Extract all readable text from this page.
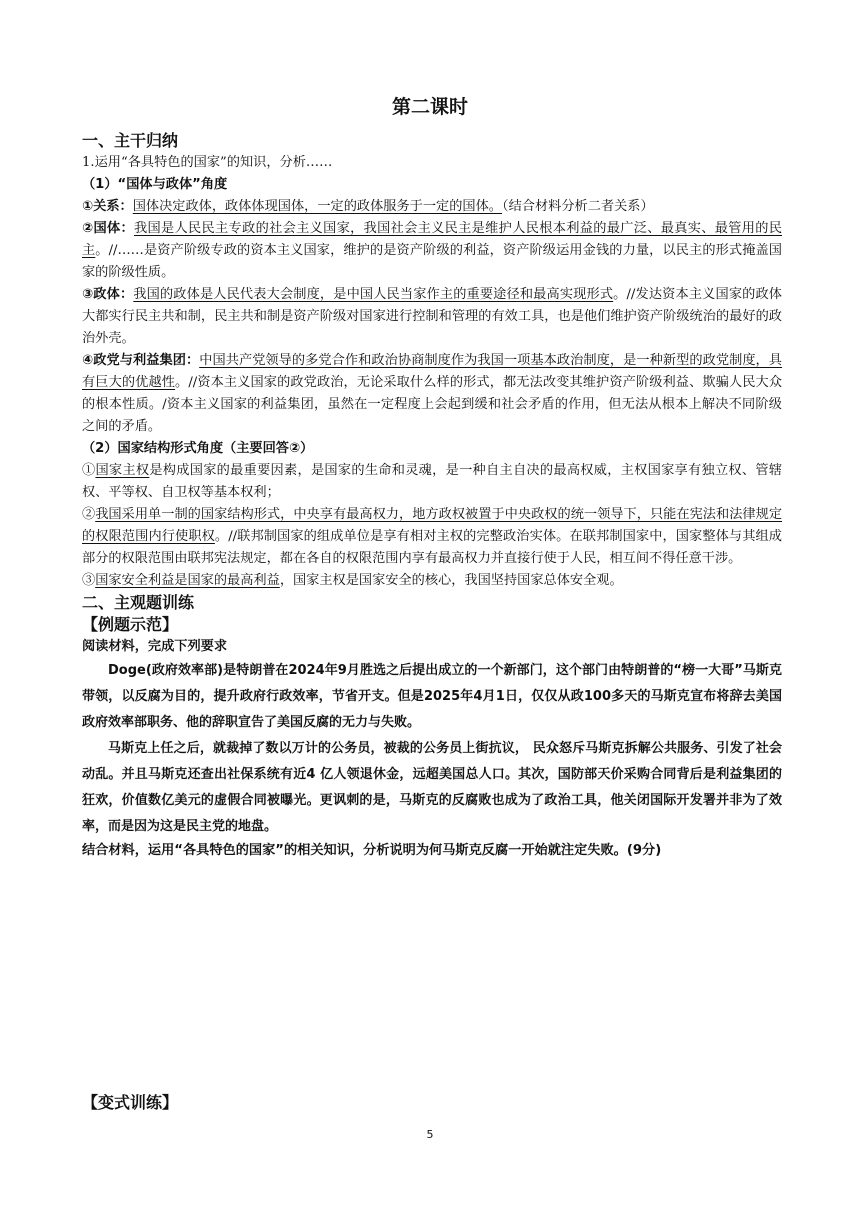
第二课时
一、主干归纳
1.运用“各具特色的国家”的知识，分析……
（1）“国体与政体”角度
①关系：国体决定政体，政体体现国体，一定的政体服务于一定的国体。（结合材料分析二者关系）
②国体：我国是人民民主专政的社会主义国家，我国社会主义民主是维护人民根本利益的最广泛、最真实、最管用的民主。//……是资产阶级专政的资本主义国家，维护的是资产阶级的利益，资产阶级运用金钱的力量，以民主的形式掩盖国家的阶级性质。
③政体：我国的政体是人民代表大会制度，是中国人民当家作主的重要途径和最高实现形式。//发达资本主义国家的政体大都实行民主共和制，民主共和制是资产阶级对国家进行控制和管理的有效工具，也是他们维护资产阶级统治的最好的政治外壳。
④政党与利益集团：中国共产党领导的多党合作和政治协商制度作为我国一项基本政治制度，是一种新型的政党制度，具有巨大的优越性。//资本主义国家的政党政治，无论采取什么样的形式，都无法改变其维护资产阶级利益、欺骗人民大众的根本性质。/资本主义国家的利益集团，虽然在一定程度上会起到缓和社会矛盾的作用，但无法从根本上解决不同阶级之间的矛盾。
（2）国家结构形式角度（主要回答②）
①国家主权是构成国家的最重要因素，是国家的生命和灵魂，是一种自主自决的最高权威，主权国家享有独立权、管辖权、平等权、自卫权等基本权利；
②我国采用单一制的国家结构形式，中央享有最高权力，地方政权被置于中央政权的统一领导下，只能在宪法和法律规定的权限范围内行使职权。//联邦制国家的组成单位是享有相对主权的完整政治实体。在联邦制国家中，国家整体与其组成部分的权限范围由联邦宪法规定，都在各自的权限范围内享有最高权力并直接行使于人民，相互间不得任意干涉。
③国家安全利益是国家的最高利益，国家主权是国家安全的核心，我国坚持国家总体安全观。
二、主观题训练
【例题示范】
阅读材料，完成下列要求
Doge(政府效率部)是特朗普在2024年9月胜选之后提出成立的一个新部门，这个部门由特朗普的“榜一大哥”马斯克带领，以反腐为目的，提升政府行政效率，节省开支。但是2025年4月1日，仅仅从政100多天的马斯克宣布将辞去美国政府效率部职务、他的辞职宣告了美国反腐的无力与失败。
马斯克上任之后，就裁掉了数以万计的公务员，被裁的公务员上街抗议， 民众怒斥马斯克拆解公共服务、引发了社会动乱。并且马斯克还查出社保系统有近4 亿人领退休金，远超美国总人口。其次，国防部天价采购合同背后是利益集团的狂欢，价值数亿美元的虚假合同被曝光。更讽刺的是，马斯克的反腐败也成为了政治工具，他关闭国际开发署并非为了效率，而是因为这是民主党的地盘。
结合材料，运用“各具特色的国家”的相关知识，分析说明为何马斯克反腐一开始就注定失败。(9分)
【变式训练】
5
